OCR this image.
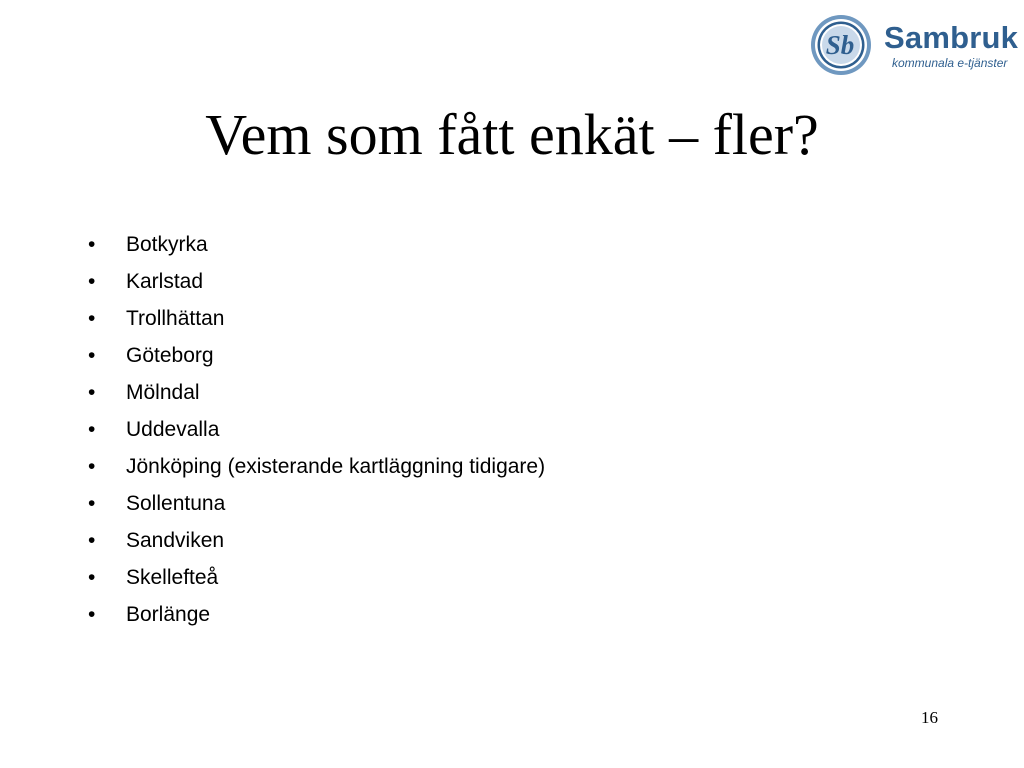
Sb Sambruk
kommunala e-tjänster
Vem som fått enkät – fler?
•	Botkyrka
•	Karlstad
•	Trollhättan
•	Göteborg
•	Mölndal
•	Uddevalla
•	Jönköping (existerande kartläggning tidigare)
•	Sollentuna
•	Sandviken
•	Skellefteå
•	Borlänge
16
